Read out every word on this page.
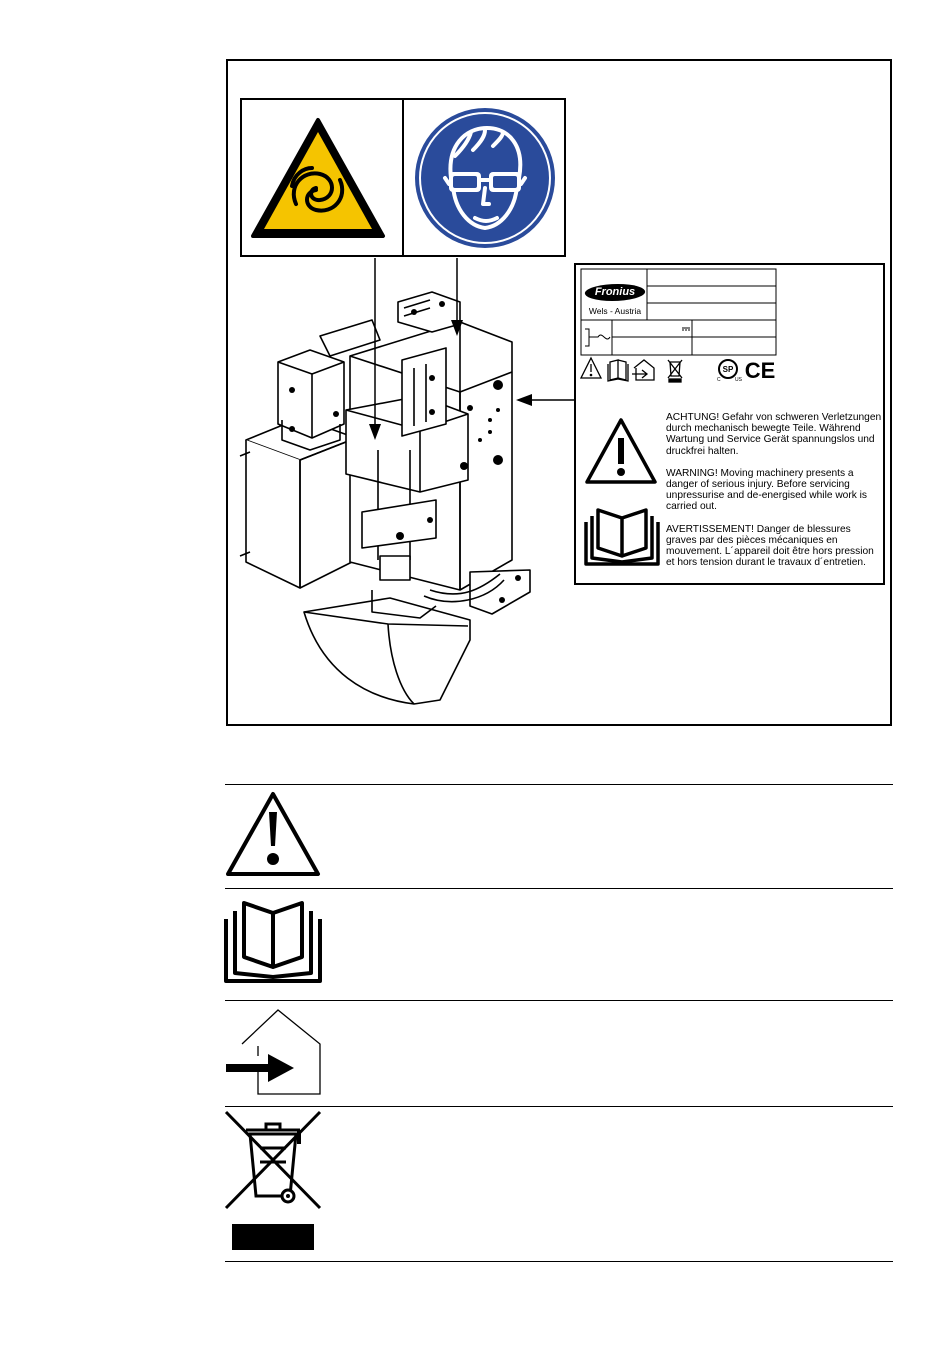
Fronius
Wels - Austria
SP
C	US CE

ACHTUNG! Gefahr von schweren Verletzungen durch mechanisch bewegte Teile. Während Wartung und Service Gerät spannungslos und druckfrei halten.

WARNING! Moving machinery presents a danger of serious injury. Before servicing unpressurise and de-energised while work is carried out.

AVERTISSEMENT! Danger de blessures graves par des pièces mécaniques en mouvement. L´appareil doit être hors pression et hors tension durant le travaux d´entretien.
